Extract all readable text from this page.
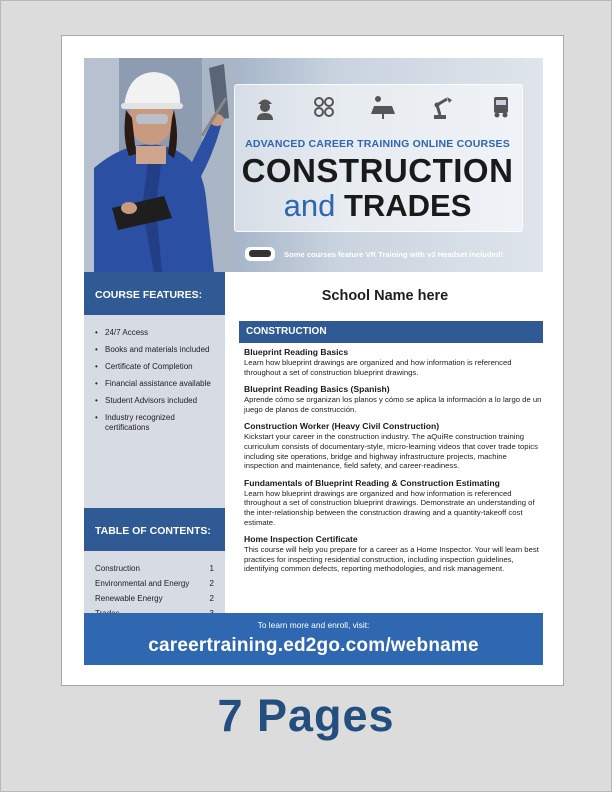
ADVANCED CAREER TRAINING ONLINE COURSES
CONSTRUCTION
and TRADES
Some courses feature VR Training with v3 Headset included!
COURSE FEATURES:
• 24/7 Access
• Books and materials included
• Certificate of Completion
• Financial assistance available
• Student Advisors included
• Industry recognized certifications
TABLE OF CONTENTS:
Construction	1
Environmental and Energy	2
Renewable Energy	2
School Name here
CONSTRUCTION
Blueprint Reading Basics
Learn how blueprint drawings are organized and how information is referenced throughout a set of construction blueprint drawings.
Blueprint Reading Basics (Spanish)
Aprende cómo se organizan los planos y cómo se aplica la información a lo largo de un juego de planos de construcción.
Construction Worker (Heavy Civil Construction)
Kickstart your career in the construction industry. The aQuiRe construction training curriculum consists of documentary-style, micro-learning videos that cover trade topics including site operations, bridge and highway infrastructure projects, machine inspection and maintenance, field safety, and career-readiness.
Fundamentals of Blueprint Reading & Construction Estimating
Learn how blueprint drawings are organized and how information is referenced throughout a set of construction blueprint drawings. Demonstrate an understanding of the inter-relationship between the construction drawing and a quantity-takeoff cost estimate.
Home Inspection Certificate
This course will help you prepare for a career as a Home Inspector. Your will learn best practices for inspecting residential construction, including inspection guidelines, identifying common defects, reporting methodologies, and risk management.
To learn more and enroll, visit:
careertraining.ed2go.com/webname
7 Pages
